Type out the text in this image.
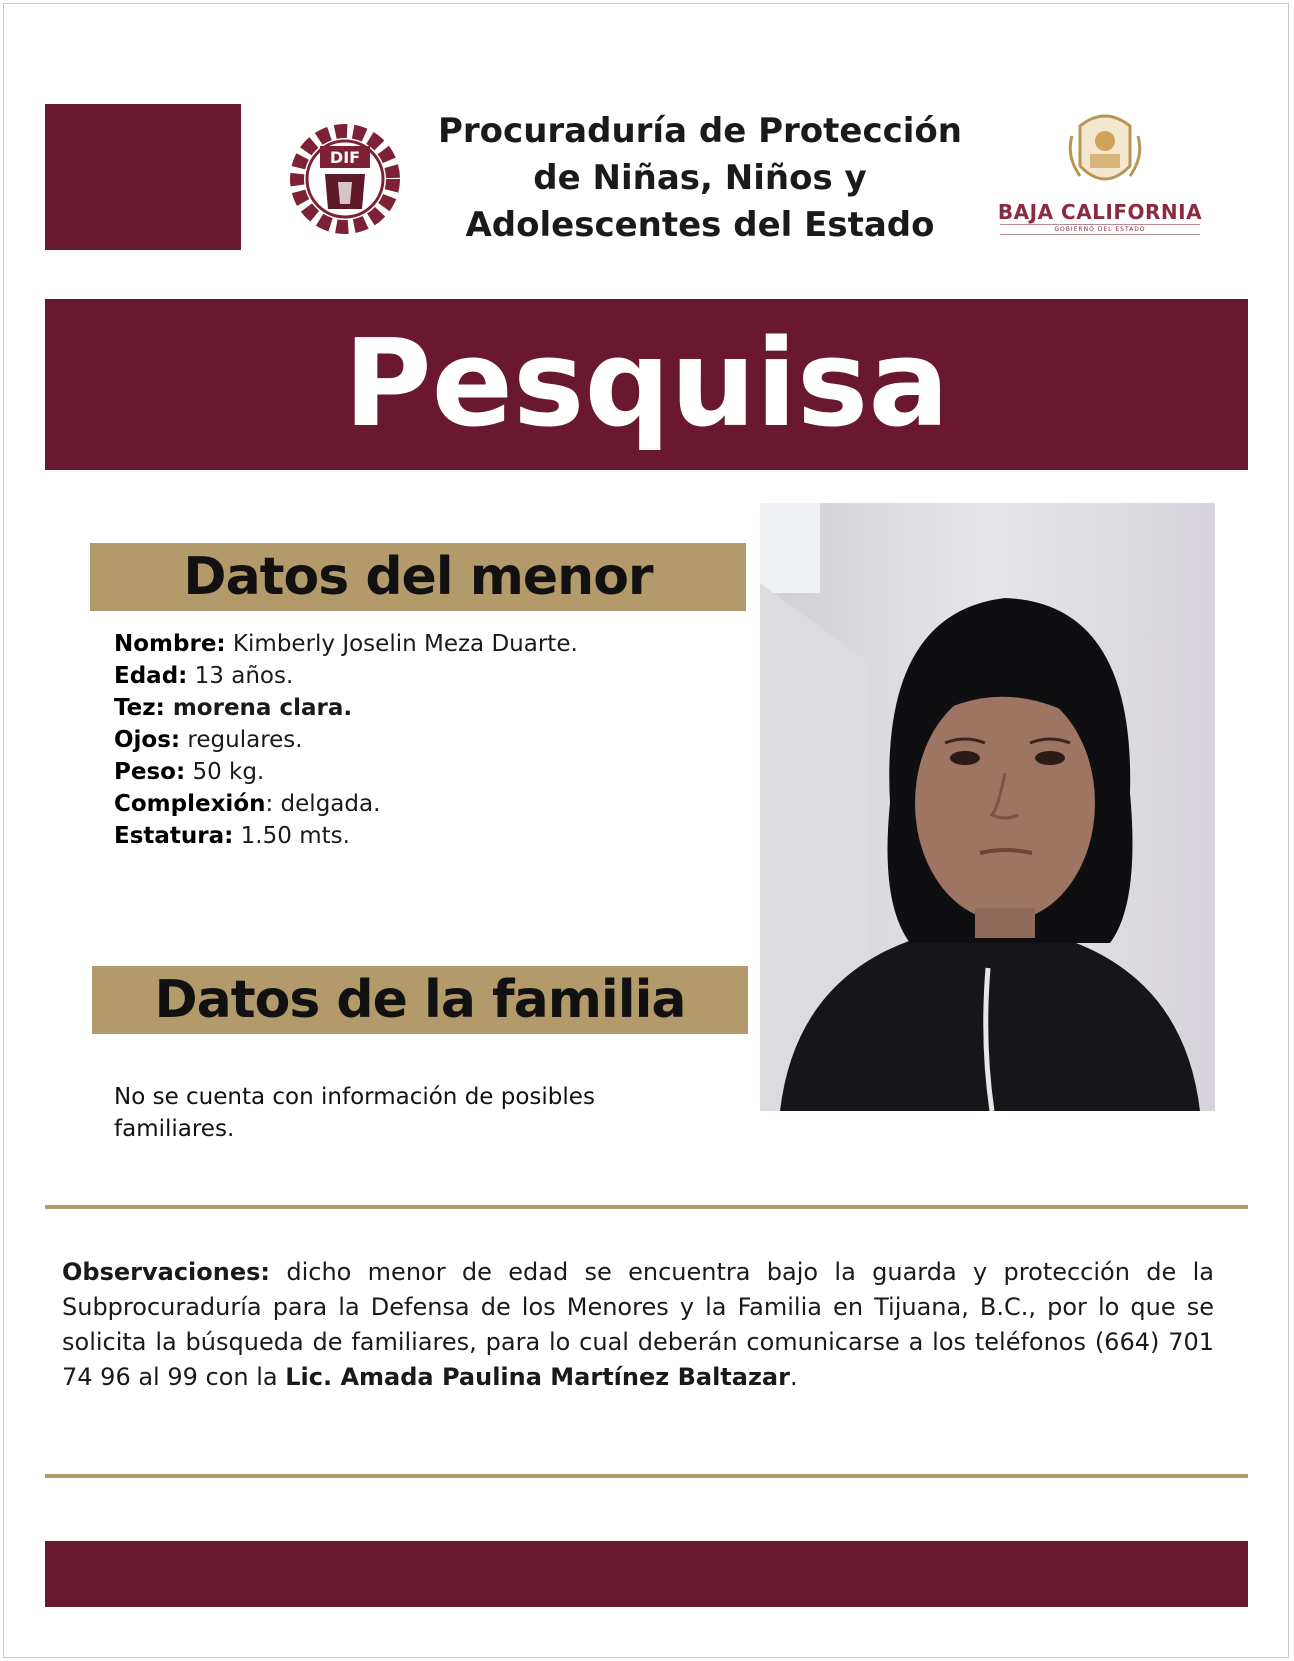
DIF
Procuraduría de Protección
de Niñas, Niños y
Adolescentes del Estado	BAJA CALIFORNIA
GOBIERNO DEL ESTADO
Pesquisa
Datos del menor
Nombre: Kimberly Joselin Meza Duarte.
Edad: 13 años.
Tez: morena clara.
Ojos: regulares.
Peso: 50 kg.
Complexión: delgada.
Estatura: 1.50 mts.
Datos de la familia
No se cuenta con información de posibles familiares.
Observaciones: dicho menor de edad se encuentra bajo la guarda y protección de la Subprocuraduría para la Defensa de los Menores y la Familia en Tijuana, B.C., por lo que se solicita la búsqueda de familiares, para lo cual deberán comunicarse a los teléfonos (664) 701 74 96 al 99 con la Lic. Amada Paulina Martínez Baltazar.
